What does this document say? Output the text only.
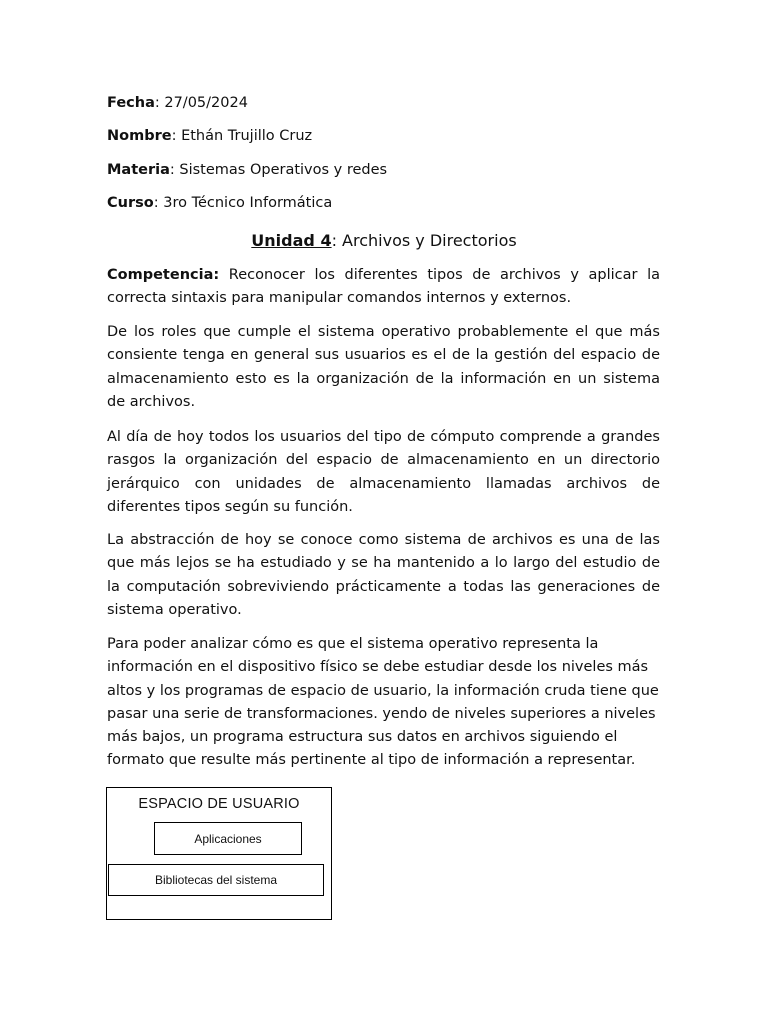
Fecha: 27/05/2024
Nombre: Ethán Trujillo Cruz
Materia: Sistemas Operativos y redes
Curso: 3ro Técnico Informática
Unidad 4: Archivos y Directorios

Competencia: Reconocer los diferentes tipos de archivos y aplicar la correcta sintaxis para manipular comandos internos y externos.

De los roles que cumple el sistema operativo probablemente el que más consiente tenga en general sus usuarios es el de la gestión del espacio de almacenamiento esto es la organización de la información en un sistema de archivos.

Al día de hoy todos los usuarios del tipo de cómputo comprende a grandes rasgos la organización del espacio de almacenamiento en un directorio jerárquico con unidades de almacenamiento llamadas archivos de diferentes tipos según su función.

La abstracción de hoy se conoce como sistema de archivos es una de las que más lejos se ha estudiado y se ha mantenido a lo largo del estudio de la computación sobreviviendo prácticamente a todas las generaciones de sistema operativo.

Para poder analizar cómo es que el sistema operativo representa la información en el dispositivo físico se debe estudiar desde los niveles más altos y los programas de espacio de usuario, la información cruda tiene que pasar una serie de transformaciones. yendo de niveles superiores a niveles más bajos, un programa estructura sus datos en archivos siguiendo el formato que resulte más pertinente al tipo de información a representar.

ESPACIO DE USUARIO
Aplicaciones
Bibliotecas del sistema
